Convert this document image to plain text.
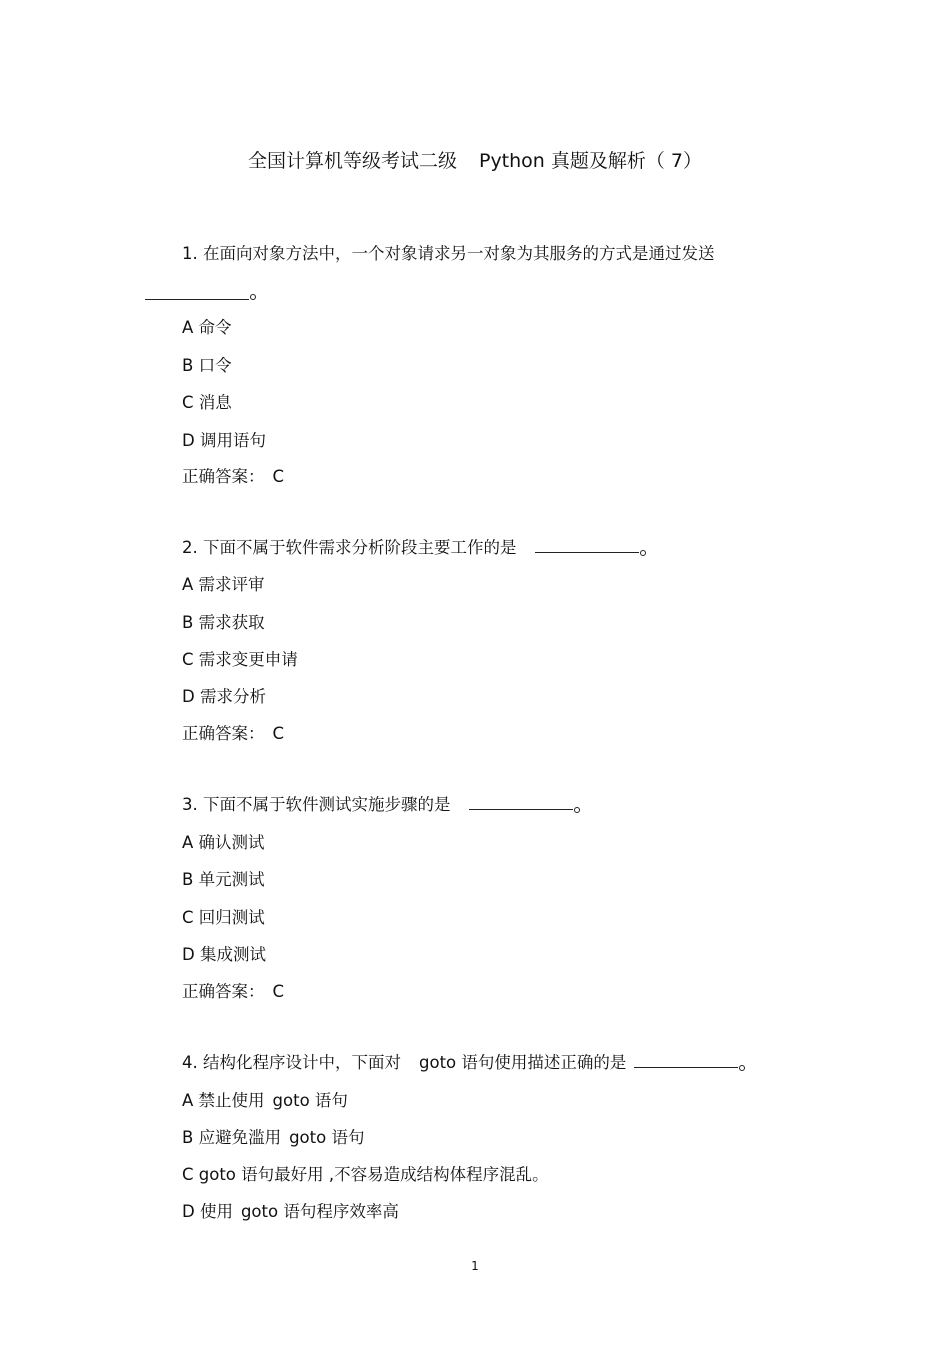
全国计算机等级考试二级 Python 真题及解析（ 7）
1. 在面向对象方法中，一个对象请求另一对象为其服务的方式是通过发送
A 命令
B 口令
C 消息
D 调用语句
正确答案： C
2. 下面不属于软件需求分析阶段主要工作的是
A 需求评审
B 需求获取
C 需求变更申请
D 需求分析
正确答案： C
3. 下面不属于软件测试实施步骤的是
A 确认测试
B 单元测试
C 回归测试
D 集成测试
正确答案： C
4. 结构化程序设计中，下面对 goto 语句使用描述正确的是
A 禁止使用 goto 语句
B 应避免滥用 goto 语句
C goto 语句最好用 ,不容易造成结构体程序混乱。
D 使用 goto 语句程序效率高
1
